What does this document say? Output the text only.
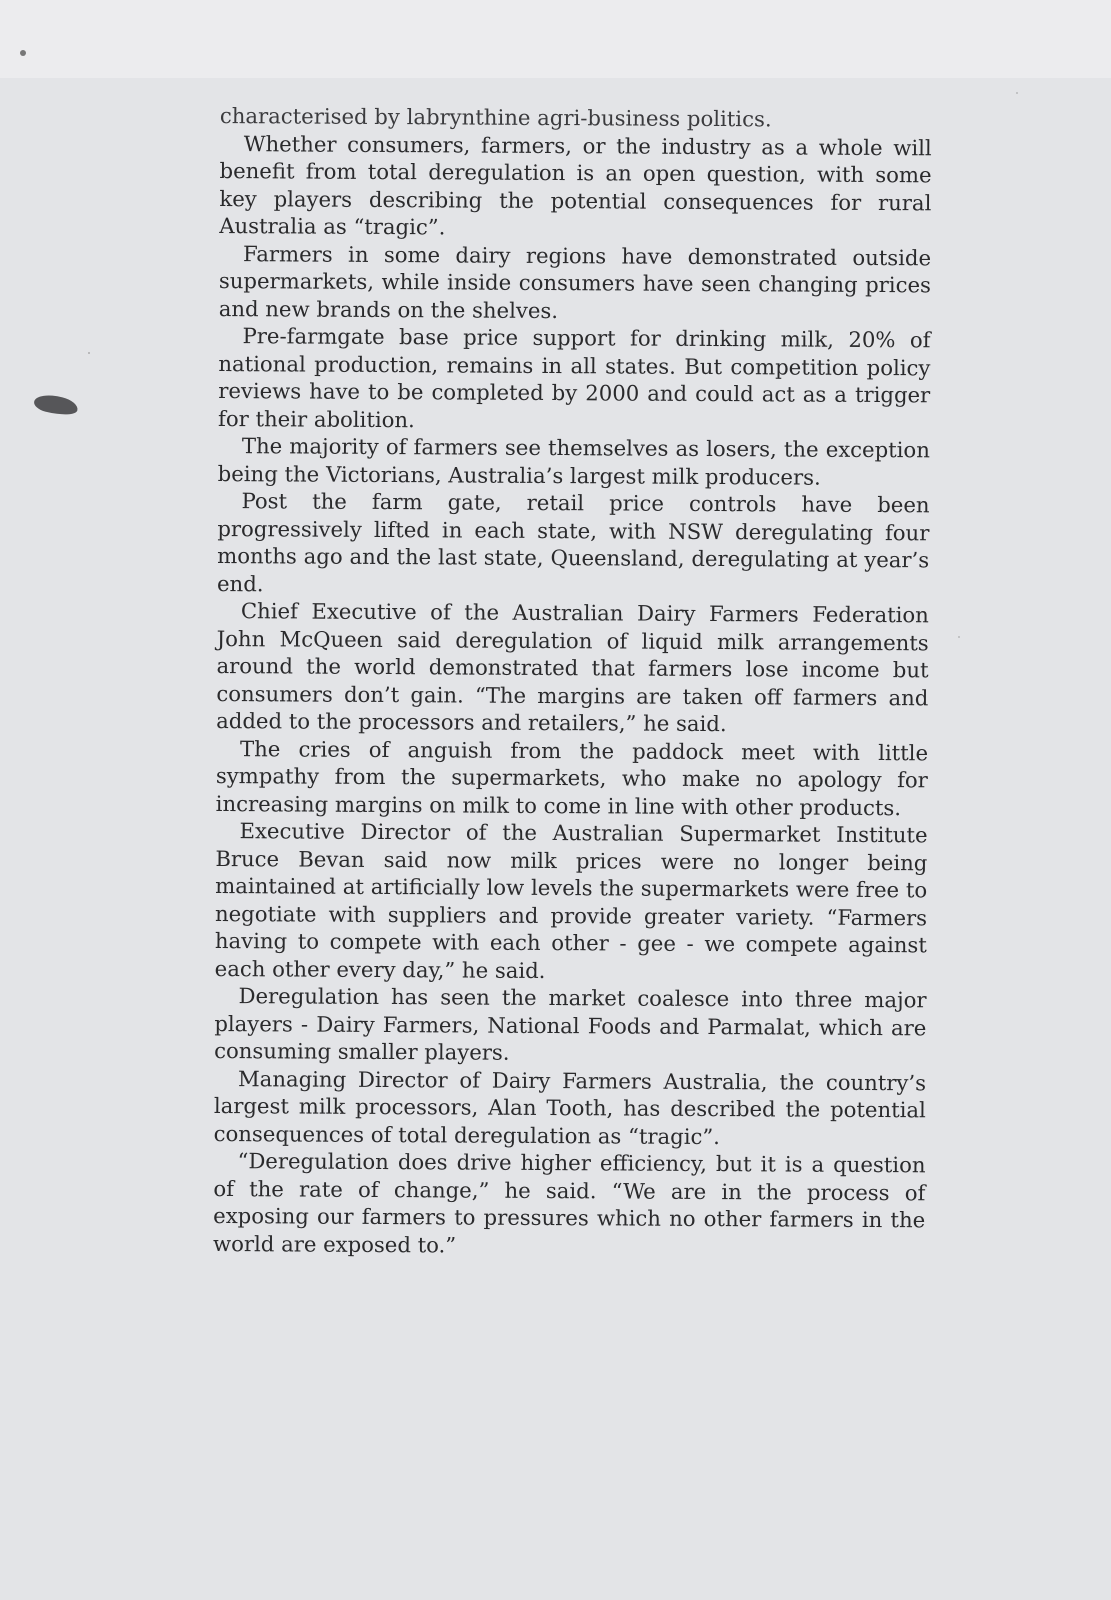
characterised by labrynthine agri-business politics.

Whether consumers, farmers, or the industry as a whole will benefit from total deregulation is an open question, with some key players describing the potential consequences for rural Australia as “tragic”.

Farmers in some dairy regions have demonstrated outside supermarkets, while inside consumers have seen changing prices and new brands on the shelves.

Pre-farmgate base price support for drinking milk, 20% of national production, remains in all states. But competition policy reviews have to be completed by 2000 and could act as a trigger for their abolition.

The majority of farmers see themselves as losers, the exception being the Victorians, Australia’s largest milk producers.

Post the farm gate, retail price controls have been progressively lifted in each state, with NSW deregulating four months ago and the last state, Queensland, deregulating at year’s end.

Chief Executive of the Australian Dairy Farmers Federation John McQueen said deregulation of liquid milk arrangements around the world demonstrated that farmers lose income but consumers don’t gain. “The margins are taken off farmers and added to the processors and retailers,” he said.

The cries of anguish from the paddock meet with little sympathy from the supermarkets, who make no apology for increasing margins on milk to come in line with other products.

Executive Director of the Australian Supermarket Institute Bruce Bevan said now milk prices were no longer being maintained at artificially low levels the supermarkets were free to negotiate with suppliers and provide greater variety. “Farmers having to compete with each other - gee - we compete against each other every day,” he said.

Deregulation has seen the market coalesce into three major players - Dairy Farmers, National Foods and Parmalat, which are consuming smaller players.

Managing Director of Dairy Farmers Australia, the country’s largest milk processors, Alan Tooth, has described the potential consequences of total deregulation as “tragic”.

“Deregulation does drive higher efficiency, but it is a question of the rate of change,” he said. “We are in the process of exposing our farmers to pressures which no other farmers in the world are exposed to.”
